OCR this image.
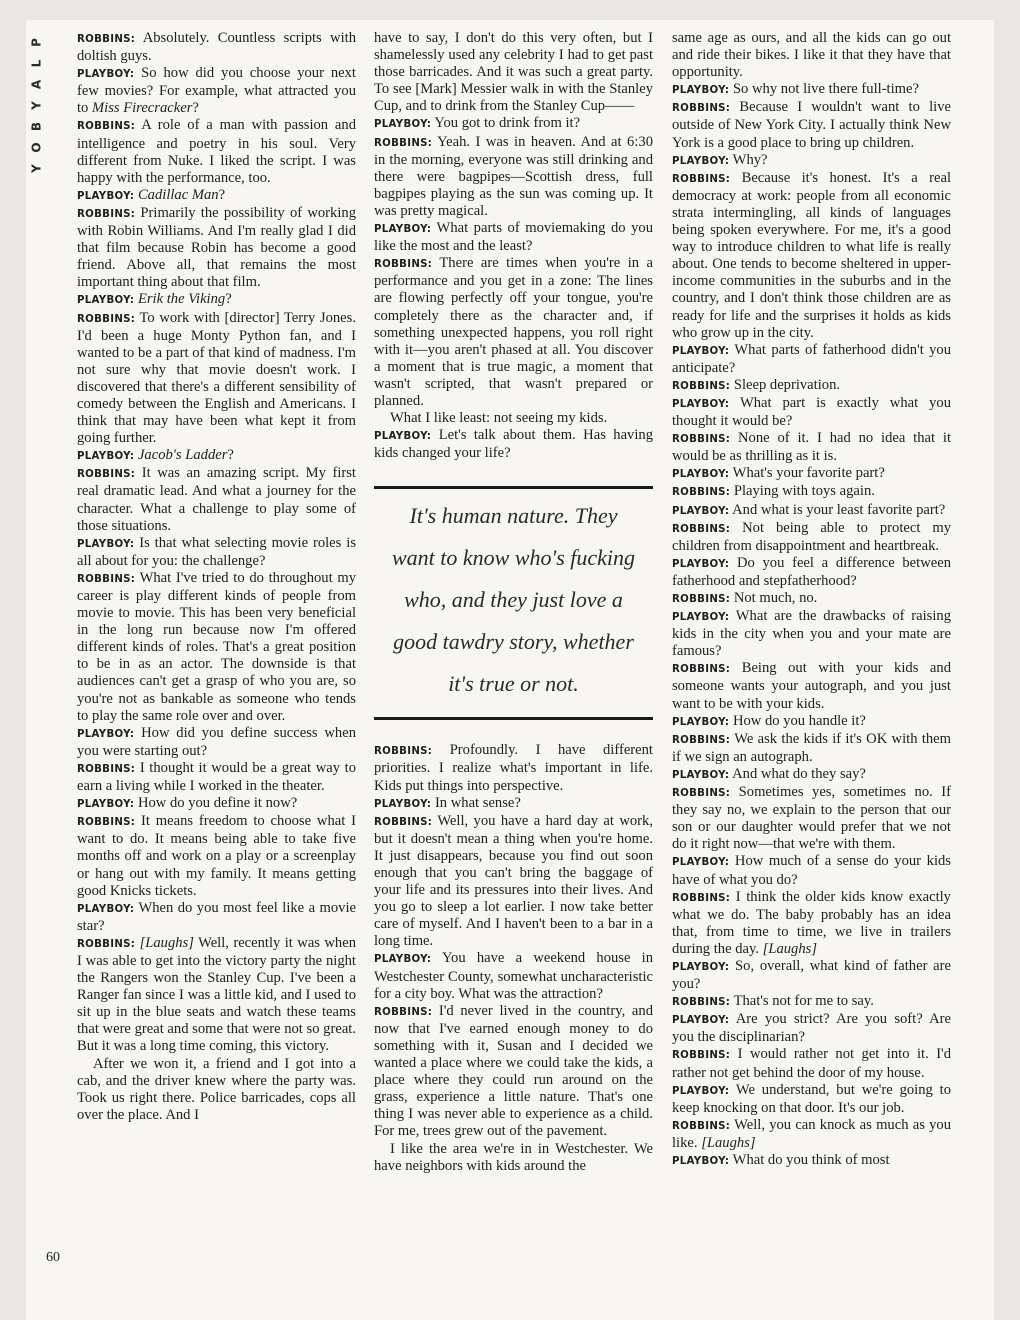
P
L
A
Y
B
O
Y
60

ROBBINS: Absolutely. Countless scripts with doltish guys.

PLAYBOY: So how did you choose your next few movies? For example, what attracted you to Miss Firecracker?

ROBBINS: A role of a man with passion and intelligence and poetry in his soul. Very different from Nuke. I liked the script. I was happy with the performance, too.

PLAYBOY: Cadillac Man?

ROBBINS: Primarily the possibility of working with Robin Williams. And I'm really glad I did that film because Robin has become a good friend. Above all, that remains the most important thing about that film.

PLAYBOY: Erik the Viking?

ROBBINS: To work with [director] Terry Jones. I'd been a huge Monty Python fan, and I wanted to be a part of that kind of madness. I'm not sure why that movie doesn't work. I discovered that there's a different sensibility of comedy between the English and Americans. I think that may have been what kept it from going further.

PLAYBOY: Jacob's Ladder?

ROBBINS: It was an amazing script. My first real dramatic lead. And what a journey for the character. What a challenge to play some of those situations.

PLAYBOY: Is that what selecting movie roles is all about for you: the challenge?

ROBBINS: What I've tried to do throughout my career is play different kinds of people from movie to movie. This has been very beneficial in the long run because now I'm offered different kinds of roles. That's a great position to be in as an actor. The downside is that audiences can't get a grasp of who you are, so you're not as bankable as someone who tends to play the same role over and over.

PLAYBOY: How did you define success when you were starting out?

ROBBINS: I thought it would be a great way to earn a living while I worked in the theater.

PLAYBOY: How do you define it now?

ROBBINS: It means freedom to choose what I want to do. It means being able to take five months off and work on a play or a screenplay or hang out with my family. It means getting good Knicks tickets.

PLAYBOY: When do you most feel like a movie star?

ROBBINS: [Laughs] Well, recently it was when I was able to get into the victory party the night the Rangers won the Stanley Cup. I've been a Ranger fan since I was a little kid, and I used to sit up in the blue seats and watch these teams that were great and some that were not so great. But it was a long time coming, this victory.

After we won it, a friend and I got into a cab, and the driver knew where the party was. Took us right there. Police barricades, cops all over the place. And I

have to say, I don't do this very often, but I shamelessly used any celebrity I had to get past those barricades. And it was such a great party. To see [Mark] Messier walk in with the Stanley Cup, and to drink from the Stanley Cup——

PLAYBOY: You got to drink from it?

ROBBINS: Yeah. I was in heaven. And at 6:30 in the morning, everyone was still drinking and there were bagpipes—Scottish dress, full bagpipes playing as the sun was coming up. It was pretty magical.

PLAYBOY: What parts of moviemaking do you like the most and the least?

ROBBINS: There are times when you're in a performance and you get in a zone: The lines are flowing perfectly off your tongue, you're completely there as the character and, if something unexpected happens, you roll right with it—you aren't phased at all. You discover a moment that is true magic, a moment that wasn't scripted, that wasn't prepared or planned.

What I like least: not seeing my kids.

PLAYBOY: Let's talk about them. Has having kids changed your life?

It's human nature. They
want to know who's fucking
who, and they just love a
good tawdry story, whether
it's true or not.

ROBBINS: Profoundly. I have different priorities. I realize what's important in life. Kids put things into perspective.

PLAYBOY: In what sense?

ROBBINS: Well, you have a hard day at work, but it doesn't mean a thing when you're home. It just disappears, because you find out soon enough that you can't bring the baggage of your life and its pressures into their lives. And you go to sleep a lot earlier. I now take better care of myself. And I haven't been to a bar in a long time.

PLAYBOY: You have a weekend house in Westchester County, somewhat uncharacteristic for a city boy. What was the attraction?

ROBBINS: I'd never lived in the country, and now that I've earned enough money to do something with it, Susan and I decided we wanted a place where we could take the kids, a place where they could run around on the grass, experience a little nature. That's one thing I was never able to experience as a child. For me, trees grew out of the pavement.

I like the area we're in in Westchester. We have neighbors with kids around the

same age as ours, and all the kids can go out and ride their bikes. I like it that they have that opportunity.

PLAYBOY: So why not live there full-time?

ROBBINS: Because I wouldn't want to live outside of New York City. I actually think New York is a good place to bring up children.

PLAYBOY: Why?

ROBBINS: Because it's honest. It's a real democracy at work: people from all economic strata intermingling, all kinds of languages being spoken everywhere. For me, it's a good way to introduce children to what life is really about. One tends to become sheltered in upper-income communities in the suburbs and in the country, and I don't think those children are as ready for life and the surprises it holds as kids who grow up in the city.

PLAYBOY: What parts of fatherhood didn't you anticipate?

ROBBINS: Sleep deprivation.

PLAYBOY: What part is exactly what you thought it would be?

ROBBINS: None of it. I had no idea that it would be as thrilling as it is.

PLAYBOY: What's your favorite part?

ROBBINS: Playing with toys again.

PLAYBOY: And what is your least favorite part?

ROBBINS: Not being able to protect my children from disappointment and heartbreak.

PLAYBOY: Do you feel a difference between fatherhood and stepfatherhood?

ROBBINS: Not much, no.

PLAYBOY: What are the drawbacks of raising kids in the city when you and your mate are famous?

ROBBINS: Being out with your kids and someone wants your autograph, and you just want to be with your kids.

PLAYBOY: How do you handle it?

ROBBINS: We ask the kids if it's OK with them if we sign an autograph.

PLAYBOY: And what do they say?

ROBBINS: Sometimes yes, sometimes no. If they say no, we explain to the person that our son or our daughter would prefer that we not do it right now—that we're with them.

PLAYBOY: How much of a sense do your kids have of what you do?

ROBBINS: I think the older kids know exactly what we do. The baby probably has an idea that, from time to time, we live in trailers during the day. [Laughs]

PLAYBOY: So, overall, what kind of father are you?

ROBBINS: That's not for me to say.

PLAYBOY: Are you strict? Are you soft? Are you the disciplinarian?

ROBBINS: I would rather not get into it. I'd rather not get behind the door of my house.

PLAYBOY: We understand, but we're going to keep knocking on that door. It's our job.

ROBBINS: Well, you can knock as much as you like. [Laughs]

PLAYBOY: What do you think of most
